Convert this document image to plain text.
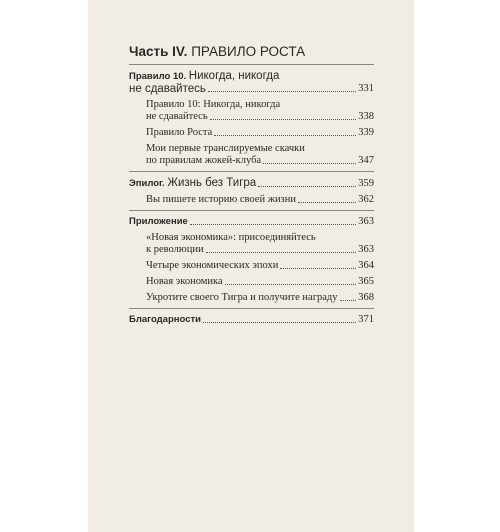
Часть IV. ПРАВИЛО РОСТА
Правило 10. Никогда, никогда
не сдавайтесь	331
Правило 10: Никогда, никогда
не сдавайтесь	338
Правило Роста	339
Мои первые транслируемые скачки
по правилам жокей-клуба	347
Эпилог. Жизнь без Тигра	359
Вы пишете историю своей жизни	362
Приложение	363
«Новая экономика»: присоединяйтесь
к революции	363
Четыре экономических эпохи	364
Новая экономика	365
Укротите своего Тигра и получите награду 368
Благодарности	371
